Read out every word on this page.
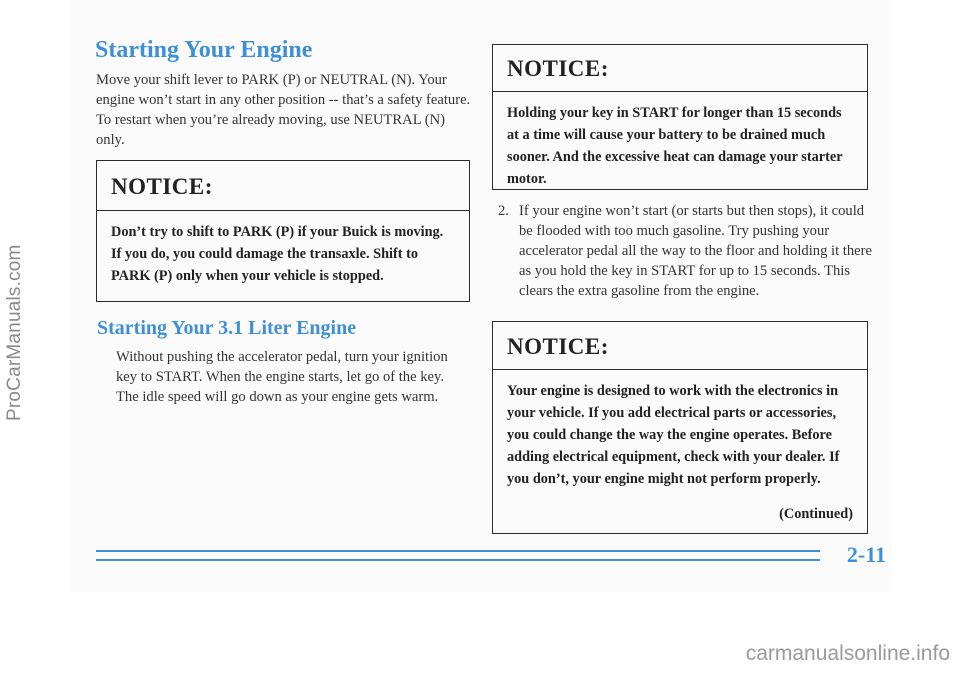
Starting Your Engine

Move your shift lever to PARK (P) or NEUTRAL (N). Your engine won’t start in any other position -- that’s a safety feature. To restart when you’re already moving, use NEUTRAL (N) only.

NOTICE:
Don’t try to shift to PARK (P) if your Buick is moving. If you do, you could damage the transaxle. Shift to PARK (P) only when your vehicle is stopped.
Starting Your 3.1 Liter Engine

Without pushing the accelerator pedal, turn your ignition key to START. When the engine starts, let go of the key. The idle speed will go down as your engine gets warm.

NOTICE:
Holding your key in START for longer than 15 seconds at a time will cause your battery to be drained much sooner. And the excessive heat can damage your starter motor.
2. If your engine won’t start (or starts but then stops), it could be flooded with too much gasoline. Try pushing your accelerator pedal all the way to the floor and holding it there as you hold the key in START for up to 15 seconds. This clears the extra gasoline from the engine.
NOTICE:
Your engine is designed to work with the electronics in your vehicle. If you add electrical parts or accessories, you could change the way the engine operates. Before adding electrical equipment, check with your dealer. If you don’t, your engine might not perform properly.
(Continued)

2-11

ProCarManuals.com
carmanualsonline.info
